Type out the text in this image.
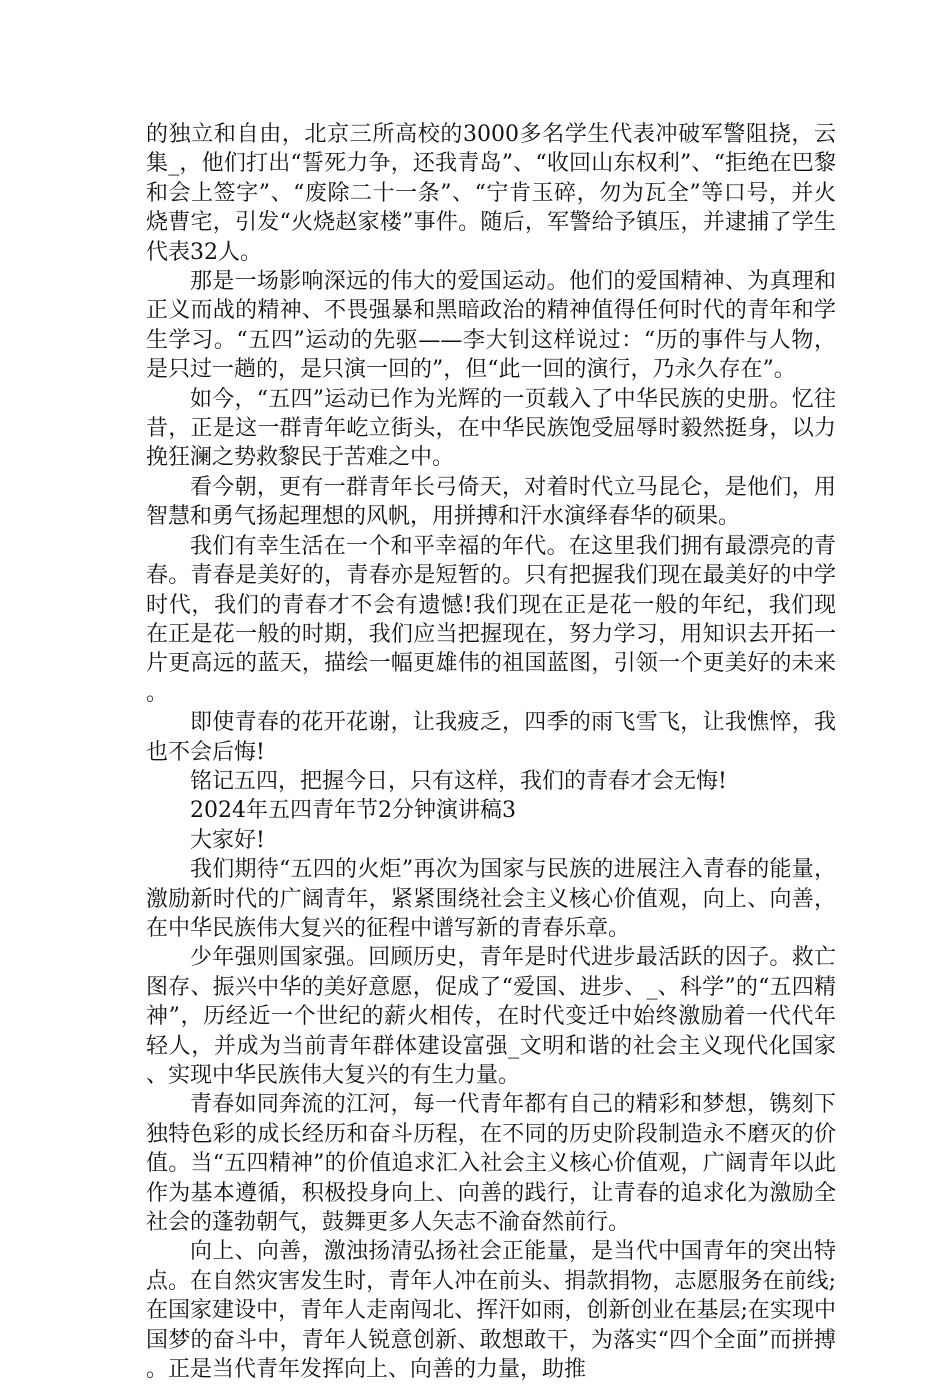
的独立和自由，北京三所高校的3000多名学生代表冲破军警阻挠，云集_，他们打出“誓死力争，还我青岛”、“收回山东权利”、“拒绝在巴黎和会上签字”、“废除二十一条”、“宁肯玉碎，勿为瓦全”等口号，并火烧曹宅，引发“火烧赵家楼”事件。随后，军警给予镇压，并逮捕了学生代表32人。

那是一场影响深远的伟大的爱国运动。他们的爱国精神、为真理和正义而战的精神、不畏强暴和黑暗政治的精神值得任何时代的青年和学生学习。“五四”运动的先驱——李大钊这样说过：“历的事件与人物，是只过一趟的，是只演一回的”，但“此一回的演行，乃永久存在”。

如今，“五四”运动已作为光辉的一页载入了中华民族的史册。忆往昔，正是这一群青年屹立街头，在中华民族饱受屈辱时毅然挺身，以力挽狂澜之势救黎民于苦难之中。

看今朝，更有一群青年长弓倚天，对着时代立马昆仑，是他们，用智慧和勇气扬起理想的风帆，用拼搏和汗水演绎春华的硕果。

我们有幸生活在一个和平幸福的年代。在这里我们拥有最漂亮的青春。青春是美好的，青春亦是短暂的。只有把握我们现在最美好的中学时代，我们的青春才不会有遗憾!我们现在正是花一般的年纪，我们现在正是花一般的时期，我们应当把握现在，努力学习，用知识去开拓一片更高远的蓝天，描绘一幅更雄伟的祖国蓝图，引领一个更美好的未来。

即使青春的花开花谢，让我疲乏，四季的雨飞雪飞，让我憔悴，我也不会后悔!

铭记五四，把握今日，只有这样，我们的青春才会无悔!

2024年五四青年节2分钟演讲稿3

大家好!

我们期待“五四的火炬”再次为国家与民族的进展注入青春的能量，激励新时代的广阔青年，紧紧围绕社会主义核心价值观，向上、向善，在中华民族伟大复兴的征程中谱写新的青春乐章。

少年强则国家强。回顾历史，青年是时代进步最活跃的因子。救亡图存、振兴中华的美好意愿，促成了“爱国、进步、_、科学”的“五四精神”，历经近一个世纪的薪火相传，在时代变迁中始终激励着一代代年轻人，并成为当前青年群体建设富强_文明和谐的社会主义现代化国家、实现中华民族伟大复兴的有生力量。

青春如同奔流的江河，每一代青年都有自己的精彩和梦想，镌刻下独特色彩的成长经历和奋斗历程，在不同的历史阶段制造永不磨灭的价值。当“五四精神”的价值追求汇入社会主义核心价值观，广阔青年以此作为基本遵循，积极投身向上、向善的践行，让青春的追求化为激励全社会的蓬勃朝气，鼓舞更多人矢志不渝奋然前行。

向上、向善，激浊扬清弘扬社会正能量，是当代中国青年的突出特点。在自然灾害发生时，青年人冲在前头、捐款捐物，志愿服务在前线;在国家建设中，青年人走南闯北、挥汗如雨，创新创业在基层;在实现中国梦的奋斗中，青年人锐意创新、敢想敢干，为落实“四个全面”而拼搏。正是当代青年发挥向上、向善的力量，助推
